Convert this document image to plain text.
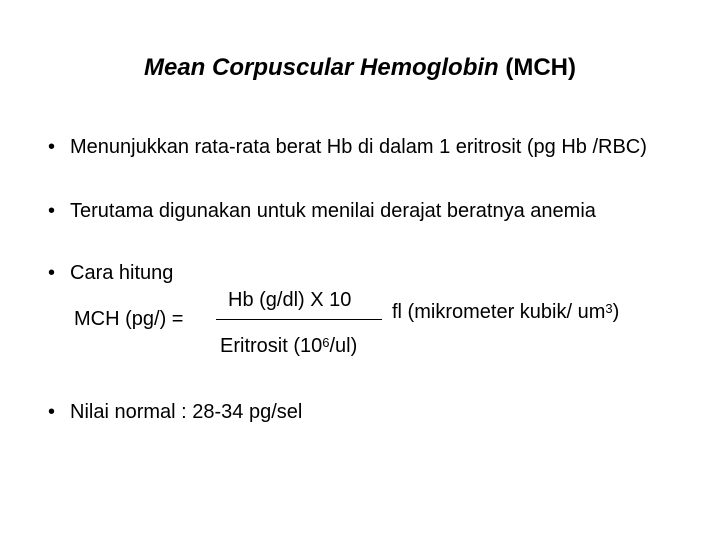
Mean Corpuscular Hemoglobin (MCH)
• Menunjukkan rata-rata berat Hb di dalam 1 eritrosit (pg Hb /RBC)
• Terutama digunakan untuk menilai derajat beratnya anemia
• Cara hitung
MCH (pg/) =
Hb (g/dl) X 10
Eritrosit $(10^6/ul)$
fl (mikrometer kubik/ $um^3$)
• Nilai normal : 28-34 pg/sel
